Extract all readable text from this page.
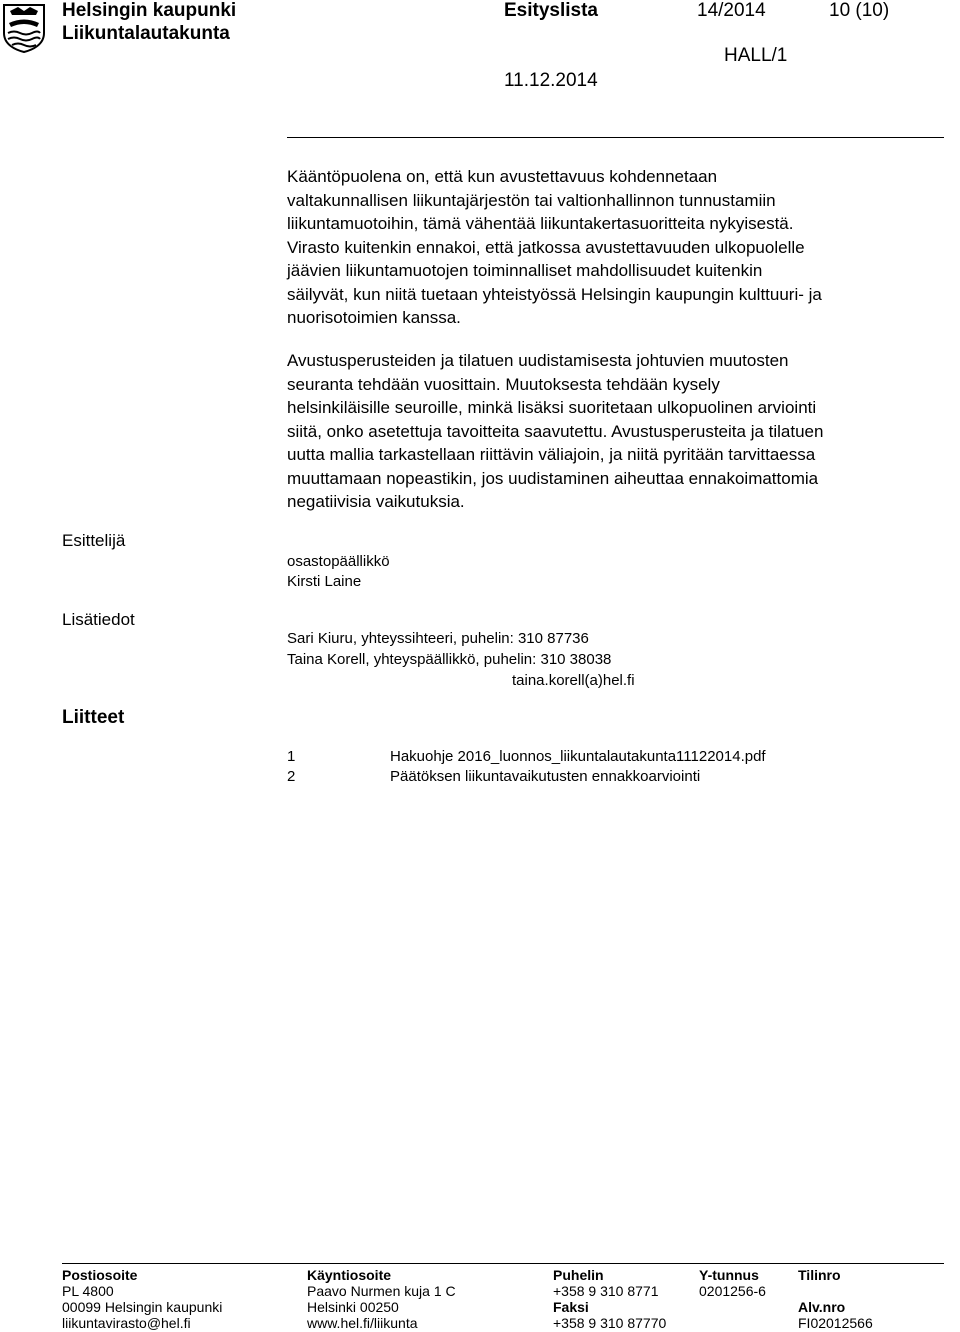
Helsingin kaupunki
Liikuntalautakunta
Esityslista	14/2014	10 (10)
HALL/1
11.12.2014

Kääntöpuolena on, että kun avustettavuus kohdennetaan

valtakunnallisen liikuntajärjestön tai valtionhallinnon tunnustamiin

liikuntamuotoihin, tämä vähentää liikuntakertasuoritteita nykyisestä.

Virasto kuitenkin ennakoi, että jatkossa avustettavuuden ulkopuolelle

jäävien liikuntamuotojen toiminnalliset mahdollisuudet kuitenkin

säilyvät, kun niitä tuetaan yhteistyössä Helsingin kaupungin kulttuuri- ja

nuorisotoimien kanssa.

Avustusperusteiden ja tilatuen uudistamisesta johtuvien muutosten

seuranta tehdään vuosittain. Muutoksesta tehdään kysely

helsinkiläisille seuroille, minkä lisäksi suoritetaan ulkopuolinen arviointi

siitä, onko asetettuja tavoitteita saavutettu. Avustusperusteita ja tilatuen

uutta mallia tarkastellaan riittävin väliajoin, ja niitä pyritään tarvittaessa

muuttamaan nopeastikin, jos uudistaminen aiheuttaa ennakoimattomia

negatiivisia vaikutuksia.

Esittelijä
osastopäällikkö
Kirsti Laine
Lisätiedot
Sari Kiuru, yhteyssihteeri, puhelin: 310 87736
Taina Korell, yhteyspäällikkö, puhelin: 310 38038
taina.korell(a)hel.fi
Liitteet
1	Hakuohje 2016_luonnos_liikuntalautakunta11122014.pdf
2	Päätöksen liikuntavaikutusten ennakkoarviointi
Postiosoite
PL 4800
00099 Helsingin kaupunki
liikuntavirasto@hel.fi
Käyntiosoite
Paavo Nurmen kuja 1 C
Helsinki 00250
www.hel.fi/liikunta
Puhelin
+358 9 310 8771
Faksi
+358 9 310 87770
Y-tunnus
0201256-6
Tilinro

Alv.nro
FI02012566
